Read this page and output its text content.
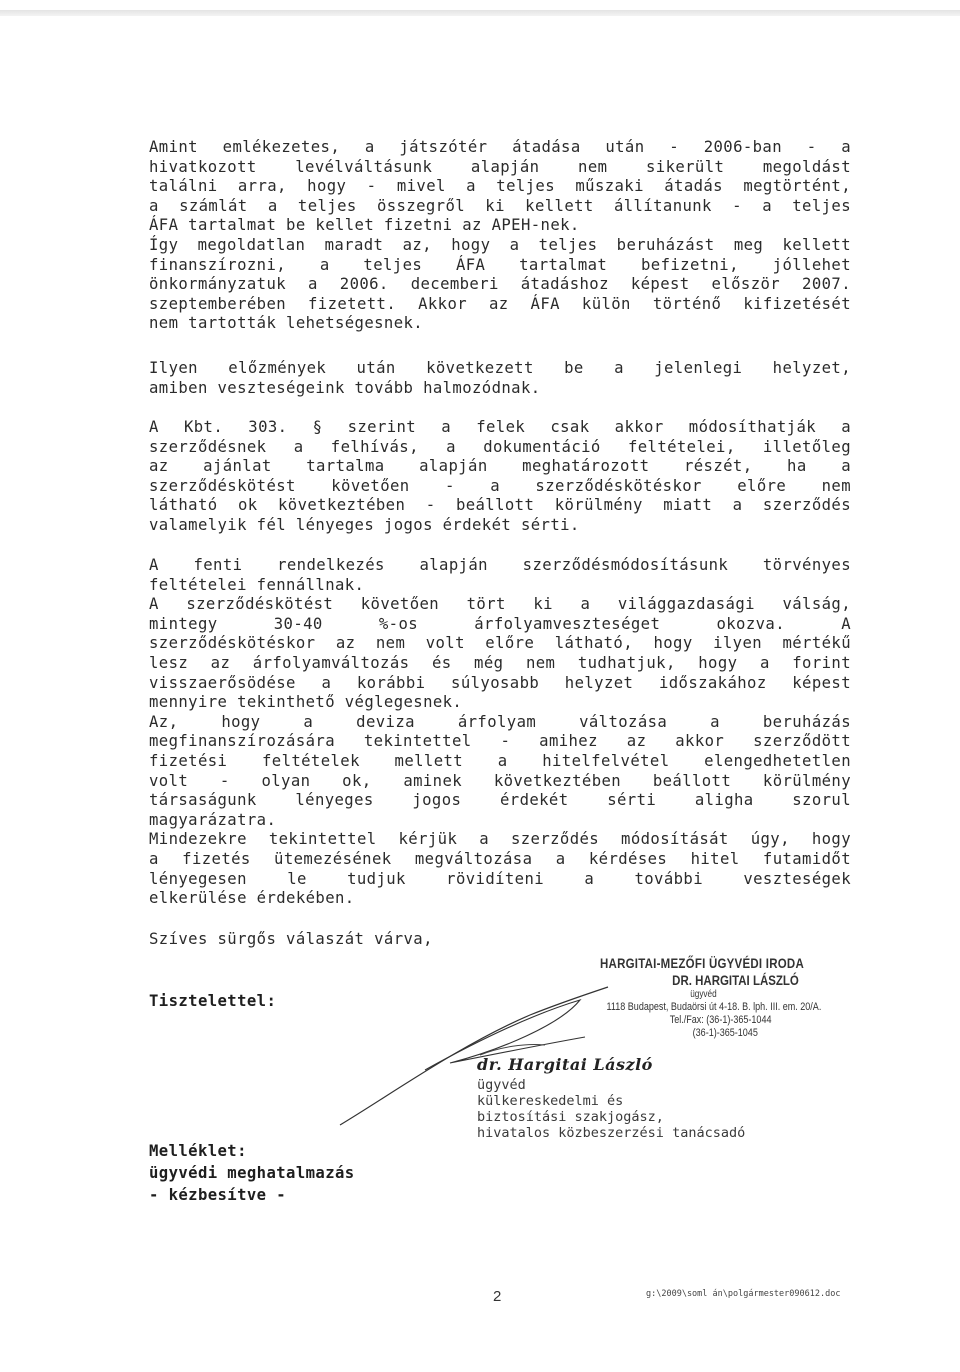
Amint emlékezetes, a játszótér átadása után - 2006-ban - a
hivatkozott levélváltásunk alapján nem sikerült megoldást
találni arra, hogy - mivel a teljes műszaki átadás megtörtént,
a számlát a teljes összegről ki kellett állítanunk - a teljes
ÁFA tartalmat be kellet fizetni az APEH-nek.
Így megoldatlan maradt az, hogy a teljes beruházást meg kellett
finanszírozni, a teljes ÁFA tartalmat befizetni, jóllehet
önkormányzatuk a 2006. decemberi átadáshoz képest először 2007.
szeptemberében fizetett. Akkor az ÁFA külön történő kifizetését
nem tartották lehetségesnek.
Ilyen előzmények után következett be a jelenlegi helyzet,
amiben veszteségeink tovább halmozódnak.
A Kbt. 303. § szerint a felek csak akkor módosíthatják a
szerződésnek a felhívás, a dokumentáció feltételei, illetőleg
az ajánlat tartalma alapján meghatározott részét, ha a
szerződéskötést követően - a szerződéskötéskor előre nem
látható ok következtében - beállott körülmény miatt a szerződés
valamelyik fél lényeges jogos érdekét sérti.
A fenti rendelkezés alapján szerződésmódosításunk törvényes
feltételei fennállnak.
A szerződéskötést követően tört ki a világgazdasági válság,
mintegy 30-40 %-os árfolyamveszteséget okozva. A
szerződéskötéskor az nem volt előre látható, hogy ilyen mértékű
lesz az árfolyamváltozás és még nem tudhatjuk, hogy a forint
visszaerősödése a korábbi súlyosabb helyzet időszakához képest
mennyire tekinthető véglegesnek.
Az, hogy a deviza árfolyam változása a beruházás
megfinanszírozására tekintettel - amihez az akkor szerződött
fizetési feltételek mellett a hitelfelvétel elengedhetetlen
volt - olyan ok, aminek következtében beállott körülmény
társaságunk lényeges jogos érdekét sérti aligha szorul
magyarázatra.
Mindezekre tekintettel kérjük a szerződés módosítását úgy, hogy
a fizetés ütemezésének megváltozása a kérdéses hitel futamidőt
lényegesen le tudjuk rövidíteni a további veszteségek
elkerülése érdekében.
Szíves sürgős válaszát várva,
Tisztelettel:
HARGITAI-MEZŐFI ÜGYVÉDI IRODA
DR. HARGITAI LÁSZLÓ
ügyvéd
1118 Budapest, Budaörsi út 4-18. B. lph. III. em. 20/A.
Tel./Fax: (36-1)-365-1044
(36-1)-365-1045
dr. Hargitai László
ügyvéd
külkereskedelmi és
biztosítási szakjogász,
hivatalos közbeszerzési tanácsadó
Melléklet:
ügyvédi meghatalmazás
- kézbesítve -
2	g:\2009\soml án\polgármester090612.doc
